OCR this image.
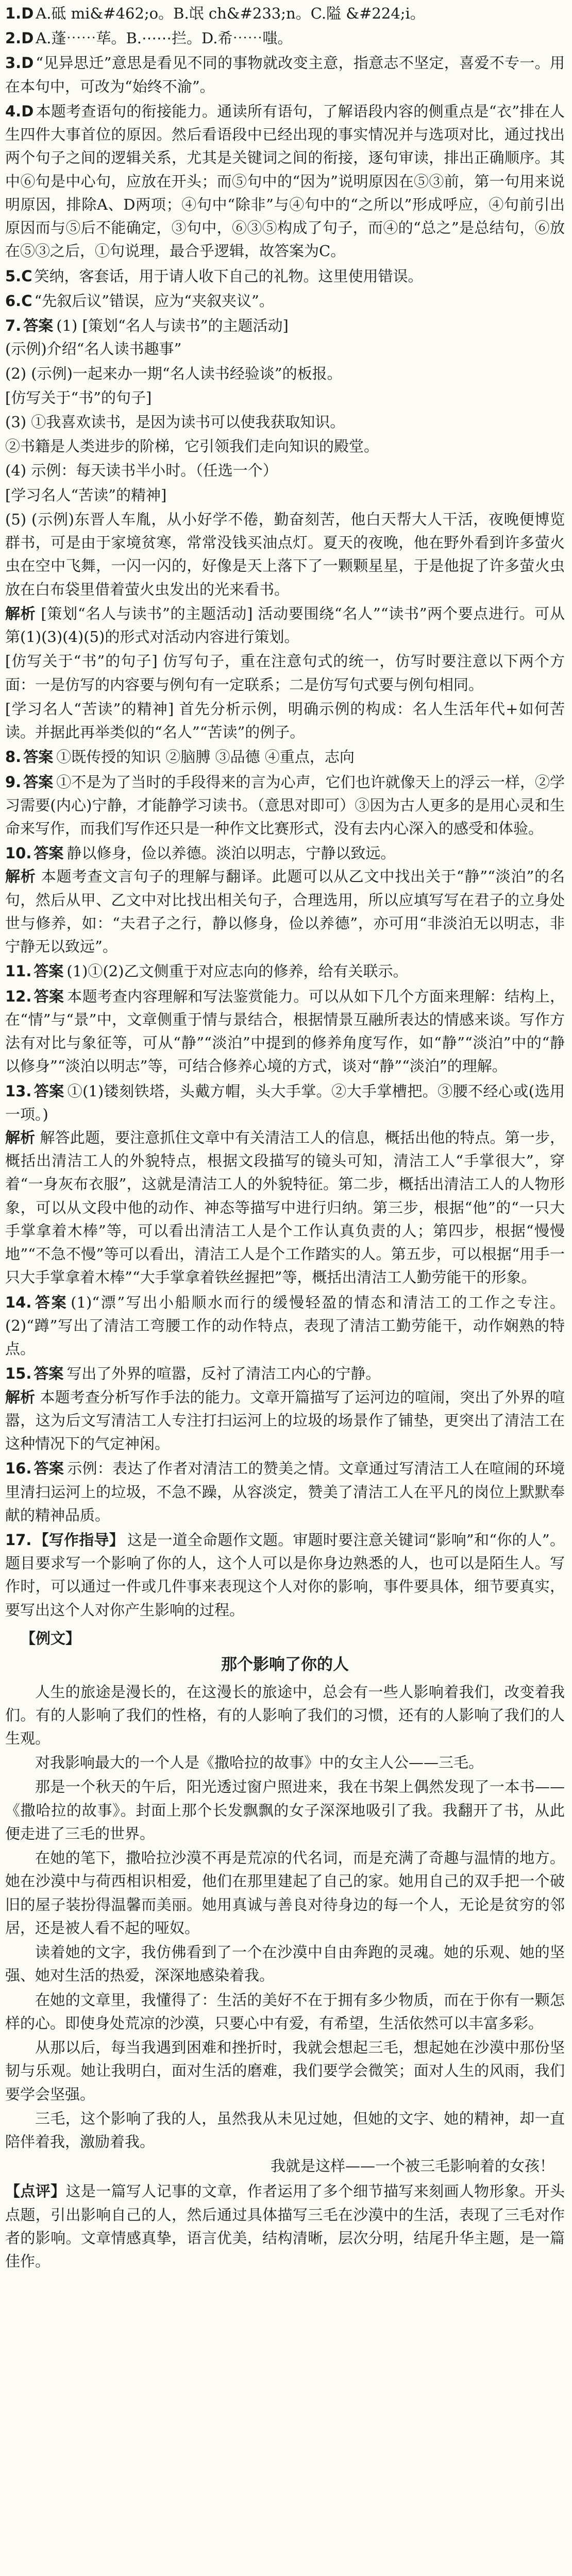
1.D A.砥 mi&#462;o。B.氓 ch&#233;n。C.隘 &#224;i。

2.D A.蓬⋯⋯荜。B.⋯⋯拦。D.希⋯⋯嗤。

3.D “见异思迁”意思是看见不同的事物就改变主意，指意志不坚定，喜爱不专一。用在本句中，可改为“始终不渝”。

4.D 本题考查语句的衔接能力。通读所有语句，了解语段内容的侧重点是“衣”排在人生四件大事首位的原因。然后看语段中已经出现的事实情况并与选项对比，通过找出两个句子之间的逻辑关系，尤其是关键词之间的衔接，逐句审读，排出正确顺序。其中⑥句是中心句，应放在开头；而⑤句中的“因为”说明原因在⑤③前，第一句用来说明原因，排除A、D两项；④句中“除非”与④句中的“之所以”形成呼应，④句前引出原因而与⑤后不能确定，③句中，⑥③⑤构成了句子，而④的“总之”是总结句，⑥放在⑤③之后，①句说理，最合乎逻辑，故答案为C。

5.C 笑纳，客套话，用于请人收下自己的礼物。这里使用错误。

6.C “先叙后议”错误，应为“夹叙夹议”。

7. 答案 (1) [策划“名人与读书”的主题活动]

(示例)介绍“名人读书趣事”

(2) (示例)一起来办一期“名人读书经验谈”的板报。

[仿写关于“书”的句子]

(3) ①我喜欢读书，是因为读书可以使我获取知识。

②书籍是人类进步的阶梯，它引领我们走向知识的殿堂。

(4) 示例：每天读书半小时。（任选一个）

[学习名人“苦读”的精神]

(5) (示例)东晋人车胤，从小好学不倦，勤奋刻苦，他白天帮大人干活，夜晚便博览群书，可是由于家境贫寒，常常没钱买油点灯。夏天的夜晚，他在野外看到许多萤火虫在空中飞舞，一闪一闪的，好像是天上落下了一颗颗星星，于是他捉了许多萤火虫放在白布袋里借着萤火虫发出的光来看书。

解析 [策划“名人与读书”的主题活动] 活动要围绕“名人”“读书”两个要点进行。可从第(1)(3)(4)(5)的形式对活动内容进行策划。

[仿写关于“书”的句子] 仿写句子，重在注意句式的统一，仿写时要注意以下两个方面：一是仿写的内容要与例句有一定联系；二是仿写句式要与例句相同。

[学习名人“苦读”的精神] 首先分析示例，明确示例的构成：名人生活年代+如何苦读。并据此再举类似的“名人”“苦读”的例子。

8. 答案 ①既传授的知识 ②脑膊 ③品德 ④重点，志向

9. 答案 ①不是为了当时的手段得来的言为心声，它们也许就像天上的浮云一样，②学习需要(内心)宁静，才能静学习读书。（意思对即可）③因为古人更多的是用心灵和生命来写作，而我们写作还只是一种作文比赛形式，没有去内心深入的感受和体验。

10. 答案 静以修身，俭以养德。淡泊以明志，宁静以致远。

解析 本题考查文言句子的理解与翻译。此题可以从乙文中找出关于“静”“淡泊”的名句，然后从甲、乙文中对比找出相关句子，合理选用，所以应填写写在君子的立身处世与修养，如：“夫君子之行，静以修身，俭以养德”，亦可用“非淡泊无以明志，非宁静无以致远”。

11. 答案 (1)①(2)乙文侧重于对应志向的修养，给有关联示。

12. 答案 本题考查内容理解和写法鉴赏能力。可以从如下几个方面来理解：结构上，在“情”与“景”中，文章侧重于情与景结合，根据情景互融所表达的情感来谈。写作方法有对比与象征等，可从“静”“淡泊”中提到的修养角度写作，如“静”“淡泊”中的“静以修身”“淡泊以明志”等，可结合修养心境的方式，谈对“静”“淡泊”的理解。

13. 答案 ①(1)镂刻铁塔，头戴方帽，头大手掌。②大手掌槽把。③腰不经心或(选用一项。)

解析 解答此题，要注意抓住文章中有关清洁工人的信息，概括出他的特点。第一步，概括出清洁工人的外貌特点，根据文段描写的镜头可知，清洁工人“手掌很大”，穿着“一身灰布衣服”，这就是清洁工人的外貌特征。第二步，概括出清洁工人的人物形象，可以从文段中他的动作、神态等描写中进行归纳。第三步，根据“他”的“一只大手掌拿着木棒”等，可以看出清洁工人是个工作认真负责的人；第四步，根据“慢慢地”“不急不慢”等可以看出，清洁工人是个工作踏实的人。第五步，可以根据“用手一只大手掌拿着木棒”“大手掌拿着铁丝握把”等，概括出清洁工人勤劳能干的形象。

14. 答案 (1)“漂”写出小船顺水而行的缓慢轻盈的情态和清洁工的工作之专注。(2)“蹲”写出了清洁工弯腰工作的动作特点，表现了清洁工勤劳能干，动作娴熟的特点。

15. 答案 写出了外界的喧嚣，反衬了清洁工内心的宁静。

解析 本题考查分析写作手法的能力。文章开篇描写了运河边的喧闹，突出了外界的喧嚣，这为后文写清洁工人专注打扫运河上的垃圾的场景作了铺垫，更突出了清洁工在这种情况下的气定神闲。

16. 答案 示例：表达了作者对清洁工的赞美之情。文章通过写清洁工人在喧闹的环境里清扫运河上的垃圾，不急不躁，从容淡定，赞美了清洁工人在平凡的岗位上默默奉献的精神品质。

17. 【写作指导】 这是一道全命题作文题。审题时要注意关键词“影响”和“你的人”。题目要求写一个影响了你的人，这个人可以是你身边熟悉的人，也可以是陌生人。写作时，可以通过一件或几件事来表现这个人对你的影响，事件要具体，细节要真实，要写出这个人对你产生影响的过程。

【例文】
那个影响了你的人

人生的旅途是漫长的，在这漫长的旅途中，总会有一些人影响着我们，改变着我们。有的人影响了我们的性格，有的人影响了我们的习惯，还有的人影响了我们的人生观。

对我影响最大的一个人是《撒哈拉的故事》中的女主人公——三毛。

那是一个秋天的午后，阳光透过窗户照进来，我在书架上偶然发现了一本书——《撒哈拉的故事》。封面上那个长发飘飘的女子深深地吸引了我。我翻开了书，从此便走进了三毛的世界。

在她的笔下，撒哈拉沙漠不再是荒凉的代名词，而是充满了奇趣与温情的地方。她在沙漠中与荷西相识相爱，他们在那里建起了自己的家。她用自己的双手把一个破旧的屋子装扮得温馨而美丽。她用真诚与善良对待身边的每一个人，无论是贫穷的邻居，还是被人看不起的哑奴。

读着她的文字，我仿佛看到了一个在沙漠中自由奔跑的灵魂。她的乐观、她的坚强、她对生活的热爱，深深地感染着我。

在她的文章里，我懂得了：生活的美好不在于拥有多少物质，而在于你有一颗怎样的心。即使身处荒凉的沙漠，只要心中有爱，有希望，生活依然可以丰富多彩。

从那以后，每当我遇到困难和挫折时，我就会想起三毛，想起她在沙漠中那份坚韧与乐观。她让我明白，面对生活的磨难，我们要学会微笑；面对人生的风雨，我们要学会坚强。

三毛，这个影响了我的人，虽然我从未见过她，但她的文字、她的精神，却一直陪伴着我，激励着我。

我就是这样——一个被三毛影响着的女孩！

【点评】这是一篇写人记事的文章，作者运用了多个细节描写来刻画人物形象。开头点题，引出影响自己的人，然后通过具体描写三毛在沙漠中的生活，表现了三毛对作者的影响。文章情感真挚，语言优美，结构清晰，层次分明，结尾升华主题，是一篇佳作。
